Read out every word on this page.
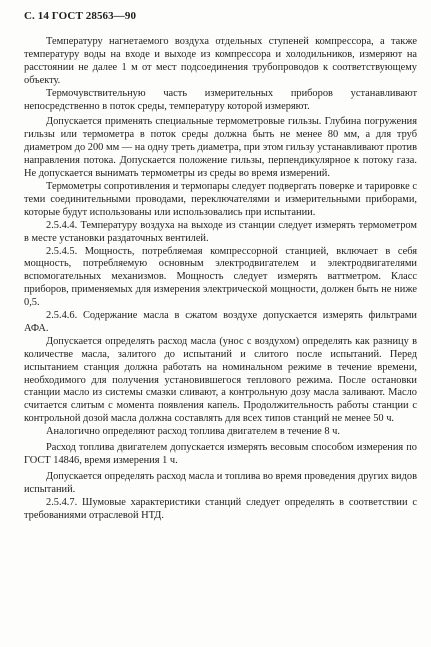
С. 14 ГОСТ 28563—90

Температуру нагнетаемого воздуха отдельных ступеней компрессора, а также температуру воды на входе и выходе из компрессора и холодильников, измеряют на расстоянии не далее 1 м от мест подсоединения трубопроводов к соответствующему объекту.

Термочувствительную часть измерительных приборов устанавливают непосредственно в поток среды, температуру которой измеряют.

Допускается применять специальные термометровые гильзы. Глубина погружения гильзы или термометра в поток среды должна быть не менее 80 мм, а для труб диаметром до 200 мм — на одну треть диаметра, при этом гильзу устанавливают против направления потока. Допускается положение гильзы, перпендикулярное к потоку газа. Не допускается вынимать термометры из среды во время измерений.

Термометры сопротивления и термопары следует подвергать поверке и тарировке с теми соединительными проводами, переключателями и измерительными приборами, которые будут использованы или использовались при испытании.

2.5.4.4. Температуру воздуха на выходе из станции следует измерять термометром в месте установки раздаточных вентилей.

2.5.4.5. Мощность, потребляемая компрессорной станцией, включает в себя мощность, потребляемую основным электродвигателем и электродвигателями вспомогательных механизмов. Мощность следует измерять ваттметром. Класс приборов, применяемых для измерения электрической мощности, должен быть не ниже 0,5.

2.5.4.6. Содержание масла в сжатом воздухе допускается измерять фильтрами АФА.

Допускается определять расход масла (унос с воздухом) определять как разницу в количестве масла, залитого до испытаний и слитого после испытаний. Перед испытанием станция должна работать на номинальном режиме в течение времени, необходимого для получения установившегося теплового режима. После остановки станции масло из системы смазки сливают, а контрольную дозу масла заливают. Масло считается слитым с момента появления капель. Продолжительность работы станции с контрольной дозой масла должна составлять для всех типов станций не менее 50 ч.

Аналогично определяют расход топлива двигателем в течение 8 ч.

Расход топлива двигателем допускается измерять весовым способом измерения по ГОСТ 14846, время измерения 1 ч.

Допускается определять расход масла и топлива во время проведения других видов испытаний.

2.5.4.7. Шумовые характеристики станций следует определять в соответствии с требованиями отраслевой НТД.
